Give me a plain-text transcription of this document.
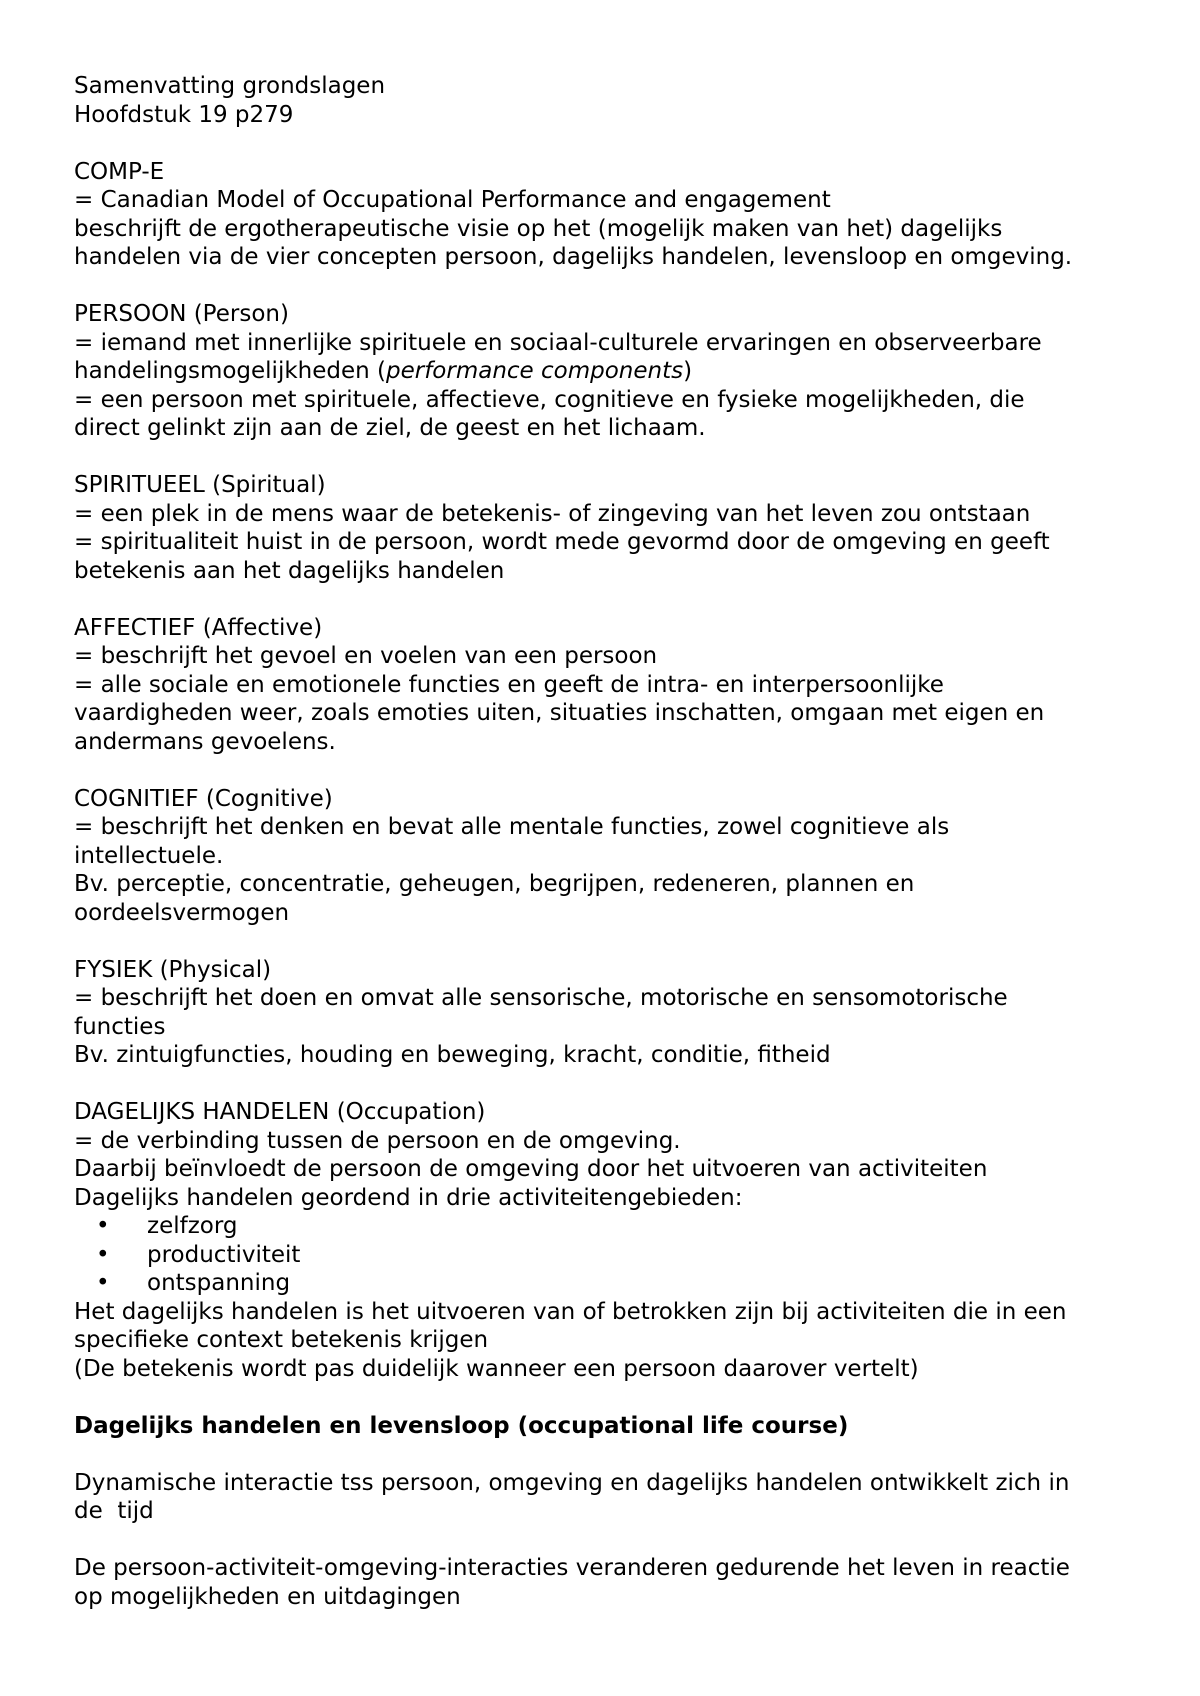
Samenvatting grondslagen
Hoofdstuk 19 p279
COMP-E
= Canadian Model of Occupational Performance and engagement
beschrijft de ergotherapeutische visie op het (mogelijk maken van het) dagelijks
handelen via de vier concepten persoon, dagelijks handelen, levensloop en omgeving.
PERSOON (Person)
= iemand met innerlijke spirituele en sociaal-culturele ervaringen en observeerbare
handelingsmogelijkheden (performance components)
= een persoon met spirituele, affectieve, cognitieve en fysieke mogelijkheden, die
direct gelinkt zijn aan de ziel, de geest en het lichaam.
SPIRITUEEL (Spiritual)
= een plek in de mens waar de betekenis- of zingeving van het leven zou ontstaan
= spiritualiteit huist in de persoon, wordt mede gevormd door de omgeving en geeft
betekenis aan het dagelijks handelen
AFFECTIEF (Affective)
= beschrijft het gevoel en voelen van een persoon
= alle sociale en emotionele functies en geeft de intra- en interpersoonlijke
vaardigheden weer, zoals emoties uiten, situaties inschatten, omgaan met eigen en
andermans gevoelens.
COGNITIEF (Cognitive)
= beschrijft het denken en bevat alle mentale functies, zowel cognitieve als
intellectuele.
Bv. perceptie, concentratie, geheugen, begrijpen, redeneren, plannen en
oordeelsvermogen
FYSIEK (Physical)
= beschrijft het doen en omvat alle sensorische, motorische en sensomotorische
functies
Bv. zintuigfuncties, houding en beweging, kracht, conditie, fitheid
DAGELIJKS HANDELEN (Occupation)
= de verbinding tussen de persoon en de omgeving.
Daarbij beïnvloedt de persoon de omgeving door het uitvoeren van activiteiten
Dagelijks handelen geordend in drie activiteitengebieden:
• zelfzorg
• productiviteit
• ontspanning
Het dagelijks handelen is het uitvoeren van of betrokken zijn bij activiteiten die in een
specifieke context betekenis krijgen
(De betekenis wordt pas duidelijk wanneer een persoon daarover vertelt)
Dagelijks handelen en levensloop (occupational life course)
Dynamische interactie tss persoon, omgeving en dagelijks handelen ontwikkelt zich in
de  tijd
De persoon-activiteit-omgeving-interacties veranderen gedurende het leven in reactie
op mogelijkheden en uitdagingen
